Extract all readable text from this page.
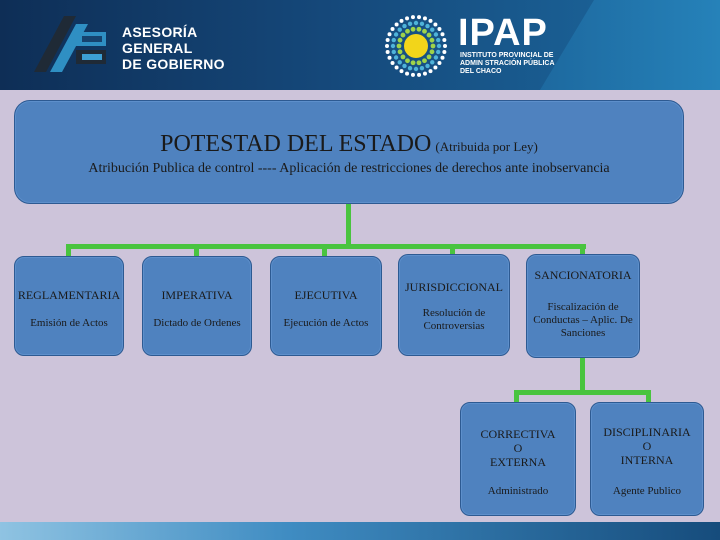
ASESORÍA
GENERAL
DE GOBIERNO
IPAP
INSTITUTO PROVINCIAL DE
ADMIN STRACIÓN PÚBLICA
DEL CHACO
POTESTAD DEL ESTADO (Atribuida por Ley)
Atribución Publica de control ---- Aplicación de restricciones de derechos ante inobservancia
REGLAMENTARIA
Emisión de Actos
IMPERATIVA
Dictado de Ordenes
EJECUTIVA
Ejecución de Actos
JURISDICCIONAL
Resolución de Controversias
SANCIONATORIA
Fiscalización de Conductas – Aplic. De Sanciones
CORRECTIVA
O
EXTERNA
Administrado
DISCIPLINARIA
O
INTERNA
Agente Publico
